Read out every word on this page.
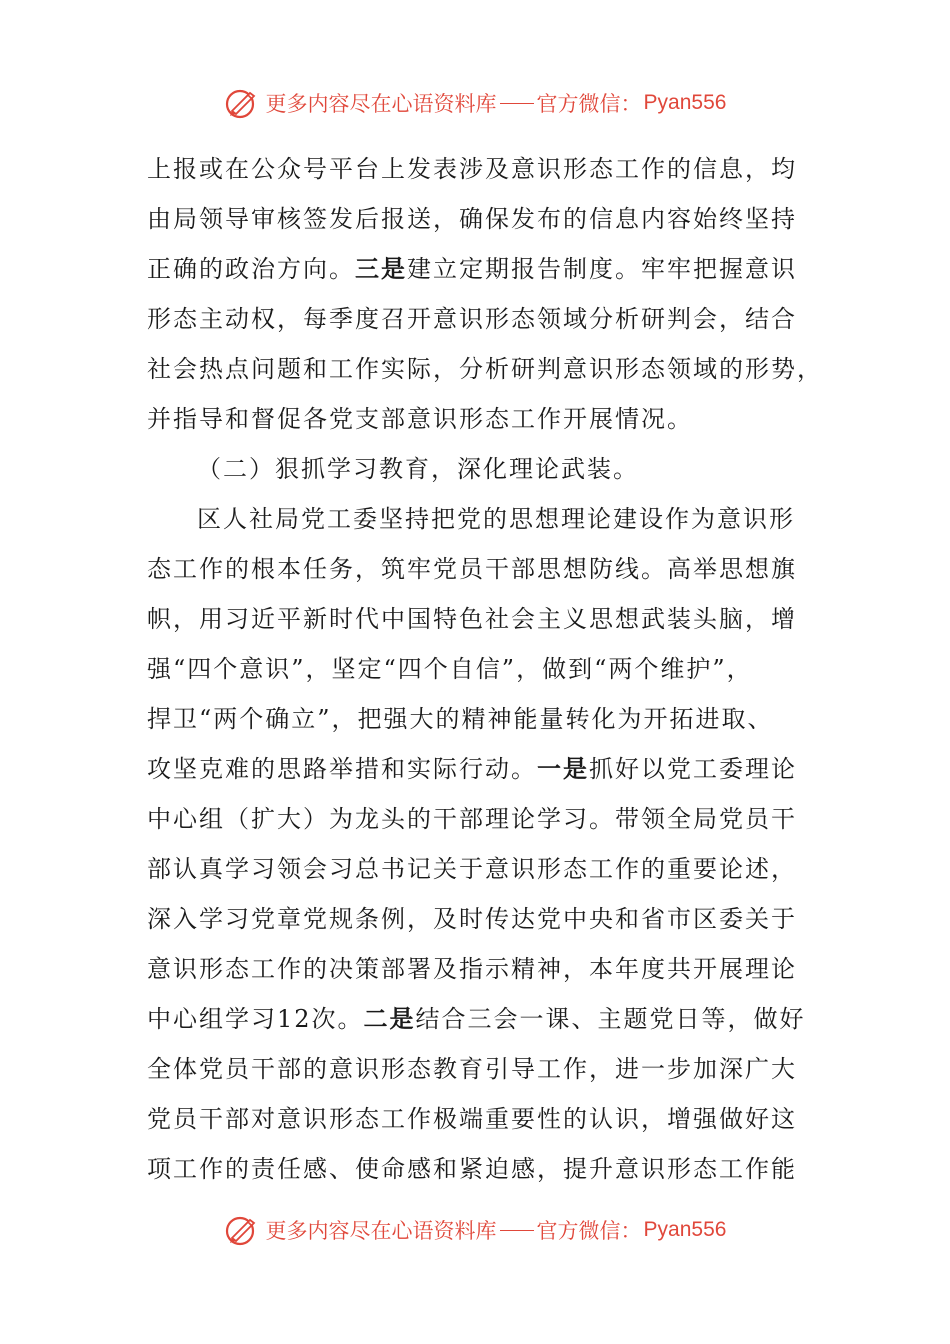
更多内容尽在心语资料库 官方微信： Pyan556
上报或在公众号平台上发表涉及意识形态工作的信息，均
由局领导审核签发后报送，确保发布的信息内容始终坚持
正确的政治方向。三是建立定期报告制度。牢牢把握意识
形态主动权，每季度召开意识形态领域分析研判会，结合
社会热点问题和工作实际，分析研判意识形态领域的形势，
并指导和督促各党支部意识形态工作开展情况。
（二）狠抓学习教育，深化理论武装。
区人社局党工委坚持把党的思想理论建设作为意识形
态工作的根本任务，筑牢党员干部思想防线。高举思想旗
帜，用习近平新时代中国特色社会主义思想武装头脑，增
强“四个意识”，坚定“四个自信”，做到“两个维护”，
捍卫“两个确立”，把强大的精神能量转化为开拓进取、
攻坚克难的思路举措和实际行动。一是抓好以党工委理论
中心组（扩大）为龙头的干部理论学习。带领全局党员干
部认真学习领会习总书记关于意识形态工作的重要论述，
深入学习党章党规条例，及时传达党中央和省市区委关于
意识形态工作的决策部署及指示精神，本年度共开展理论
中心组学习12次。二是结合三会一课、主题党日等，做好
全体党员干部的意识形态教育引导工作，进一步加深广大
党员干部对意识形态工作极端重要性的认识，增强做好这
项工作的责任感、使命感和紧迫感，提升意识形态工作能
更多内容尽在心语资料库 官方微信： Pyan556
